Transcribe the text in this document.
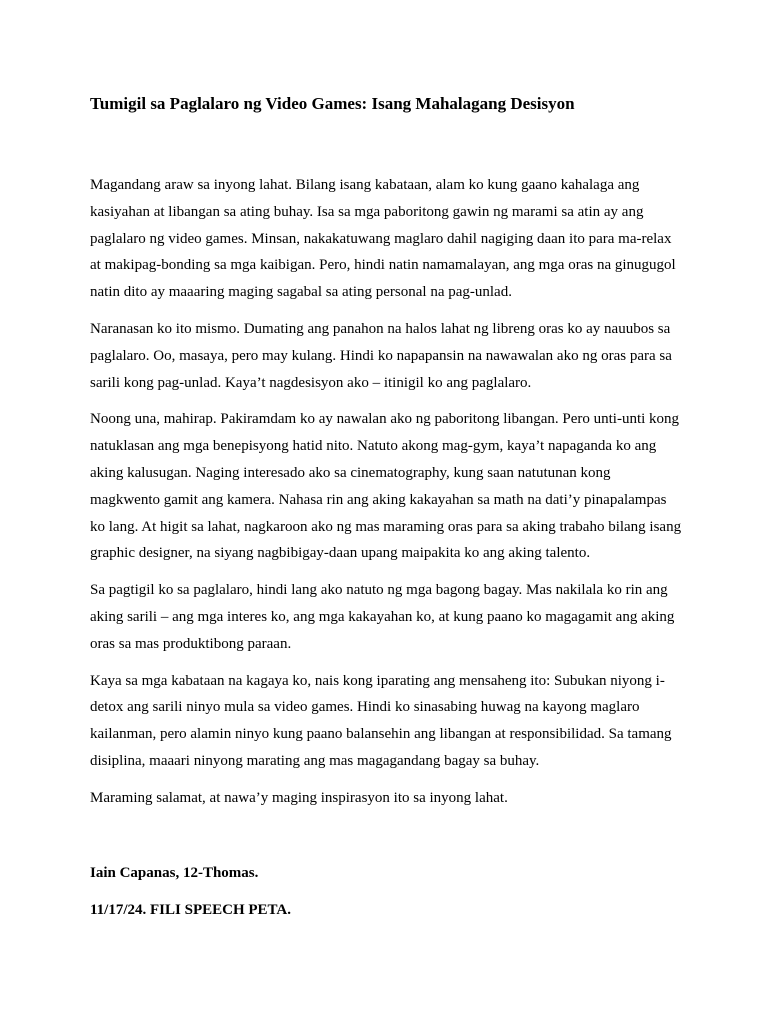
Tumigil sa Paglalaro ng Video Games: Isang Mahalagang Desisyon

Magandang araw sa inyong lahat. Bilang isang kabataan, alam ko kung gaano kahalaga ang kasiyahan at libangan sa ating buhay. Isa sa mga paboritong gawin ng marami sa atin ay ang paglalaro ng video games. Minsan, nakakatuwang maglaro dahil nagiging daan ito para ma-relax at makipag-bonding sa mga kaibigan. Pero, hindi natin namamalayan, ang mga oras na ginugugol natin dito ay maaaring maging sagabal sa ating personal na pag-unlad.

Naranasan ko ito mismo. Dumating ang panahon na halos lahat ng libreng oras ko ay nauubos sa paglalaro. Oo, masaya, pero may kulang. Hindi ko napapansin na nawawalan ako ng oras para sa sarili kong pag-unlad. Kaya’t nagdesisyon ako – itinigil ko ang paglalaro.

Noong una, mahirap. Pakiramdam ko ay nawalan ako ng paboritong libangan. Pero unti-unti kong natuklasan ang mga benepisyong hatid nito. Natuto akong mag-gym, kaya’t napaganda ko ang aking kalusugan. Naging interesado ako sa cinematography, kung saan natutunan kong magkwento gamit ang kamera. Nahasa rin ang aking kakayahan sa math na dati’y pinapalampas ko lang. At higit sa lahat, nagkaroon ako ng mas maraming oras para sa aking trabaho bilang isang graphic designer, na siyang nagbibigay-daan upang maipakita ko ang aking talento.

Sa pagtigil ko sa paglalaro, hindi lang ako natuto ng mga bagong bagay. Mas nakilala ko rin ang aking sarili – ang mga interes ko, ang mga kakayahan ko, at kung paano ko magagamit ang aking oras sa mas produktibong paraan.

Kaya sa mga kabataan na kagaya ko, nais kong iparating ang mensaheng ito: Subukan niyong i-detox ang sarili ninyo mula sa video games. Hindi ko sinasabing huwag na kayong maglaro kailanman, pero alamin ninyo kung paano balansehin ang libangan at responsibilidad. Sa tamang disiplina, maaari ninyong marating ang mas magagandang bagay sa buhay.

Maraming salamat, at nawa’y maging inspirasyon ito sa inyong lahat.

Iain Capanas, 12-Thomas.

11/17/24. FILI SPEECH PETA.
